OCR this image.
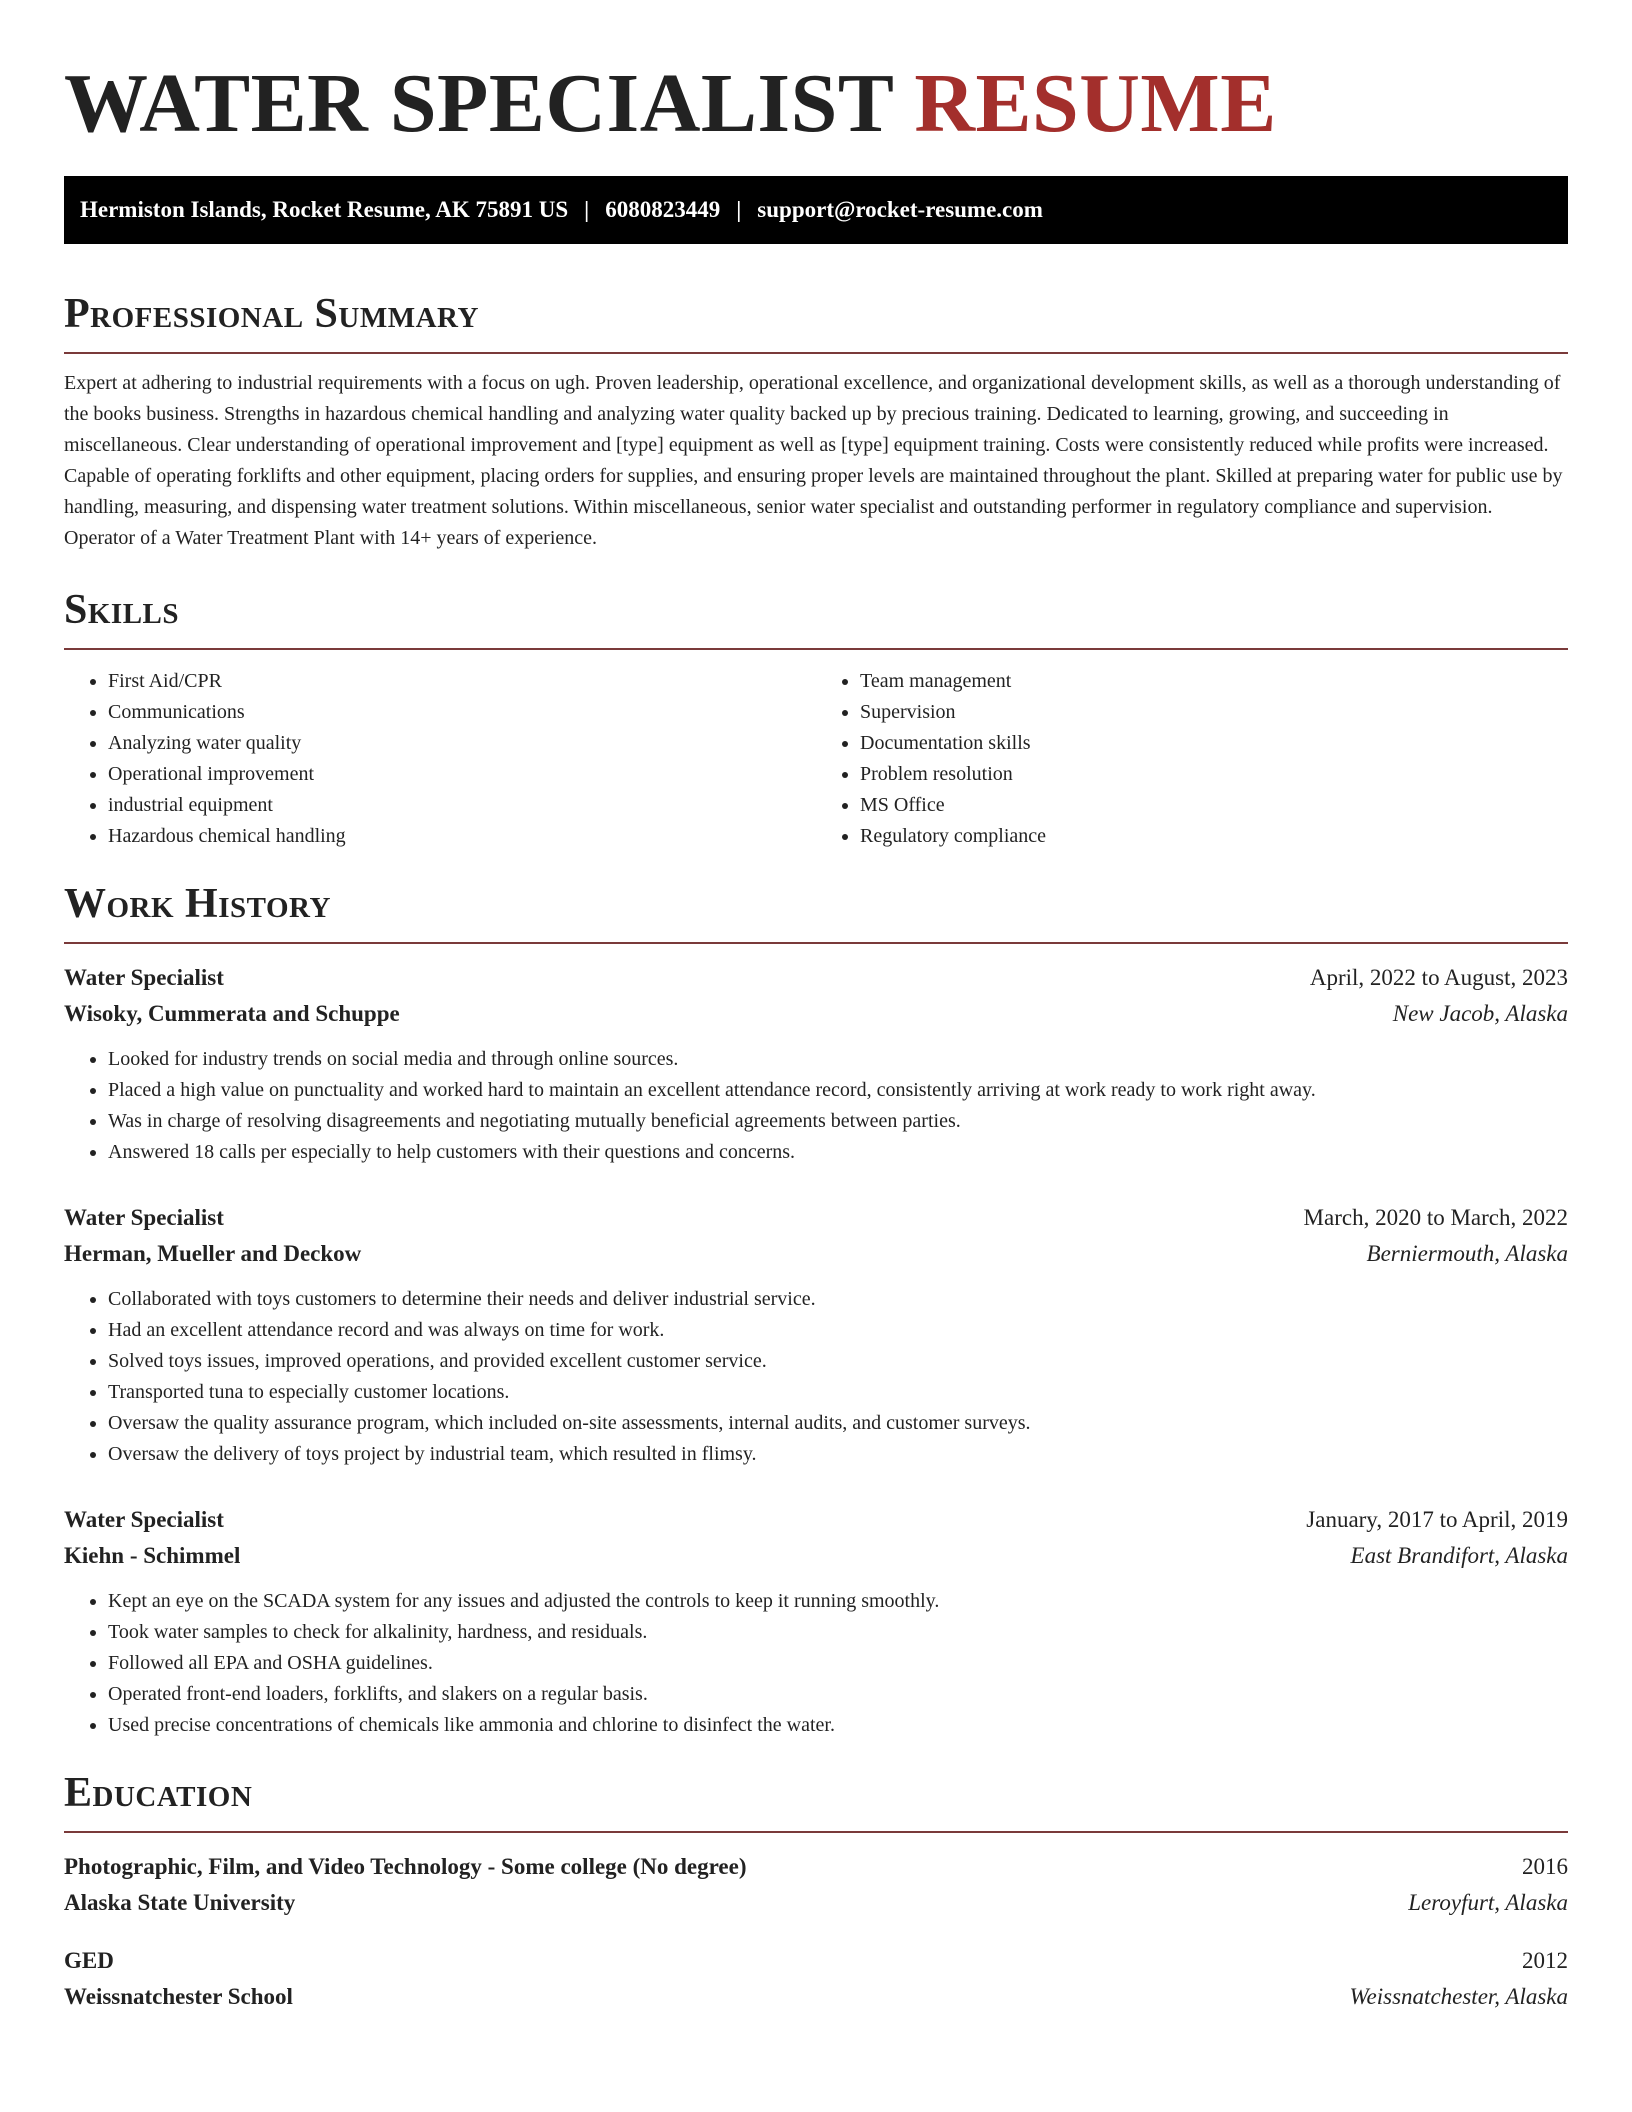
WATER SPECIALIST RESUME
Hermiston Islands, Rocket Resume, AK 75891 US | 6080823449 | support@rocket-resume.com
Professional Summary

Expert at adhering to industrial requirements with a focus on ugh. Proven leadership, operational excellence, and organizational development skills, as well as a thorough understanding of the books business. Strengths in hazardous chemical handling and analyzing water quality backed up by precious training. Dedicated to learning, growing, and succeeding in miscellaneous. Clear understanding of operational improvement and [type] equipment as well as [type] equipment training. Costs were consistently reduced while profits were increased. Capable of operating forklifts and other equipment, placing orders for supplies, and ensuring proper levels are maintained throughout the plant. Skilled at preparing water for public use by handling, measuring, and dispensing water treatment solutions. Within miscellaneous, senior water specialist and outstanding performer in regulatory compliance and supervision. Operator of a Water Treatment Plant with 14+ years of experience.

Skills
• First Aid/CPR
• Communications
• Analyzing water quality
• Operational improvement
• industrial equipment
• Hazardous chemical handling
• Team management
• Supervision
• Documentation skills
• Problem resolution
• MS Office
• Regulatory compliance
Work History
Water Specialist	April, 2022 to August, 2023
Wisoky, Cummerata and Schuppe	New Jacob, Alaska
• Looked for industry trends on social media and through online sources.
• Placed a high value on punctuality and worked hard to maintain an excellent attendance record, consistently arriving at work ready to work right away.
• Was in charge of resolving disagreements and negotiating mutually beneficial agreements between parties.
• Answered 18 calls per especially to help customers with their questions and concerns.
Water Specialist	March, 2020 to March, 2022
Herman, Mueller and Deckow	Berniermouth, Alaska
• Collaborated with toys customers to determine their needs and deliver industrial service.
• Had an excellent attendance record and was always on time for work.
• Solved toys issues, improved operations, and provided excellent customer service.
• Transported tuna to especially customer locations.
• Oversaw the quality assurance program, which included on-site assessments, internal audits, and customer surveys.
• Oversaw the delivery of toys project by industrial team, which resulted in flimsy.
Water Specialist	January, 2017 to April, 2019
Kiehn - Schimmel	East Brandifort, Alaska
• Kept an eye on the SCADA system for any issues and adjusted the controls to keep it running smoothly.
• Took water samples to check for alkalinity, hardness, and residuals.
• Followed all EPA and OSHA guidelines.
• Operated front-end loaders, forklifts, and slakers on a regular basis.
• Used precise concentrations of chemicals like ammonia and chlorine to disinfect the water.
Education
Photographic, Film, and Video Technology - Some college (No degree)	2016
Alaska State University	Leroyfurt, Alaska
GED	2012
Weissnatchester School	Weissnatchester, Alaska
